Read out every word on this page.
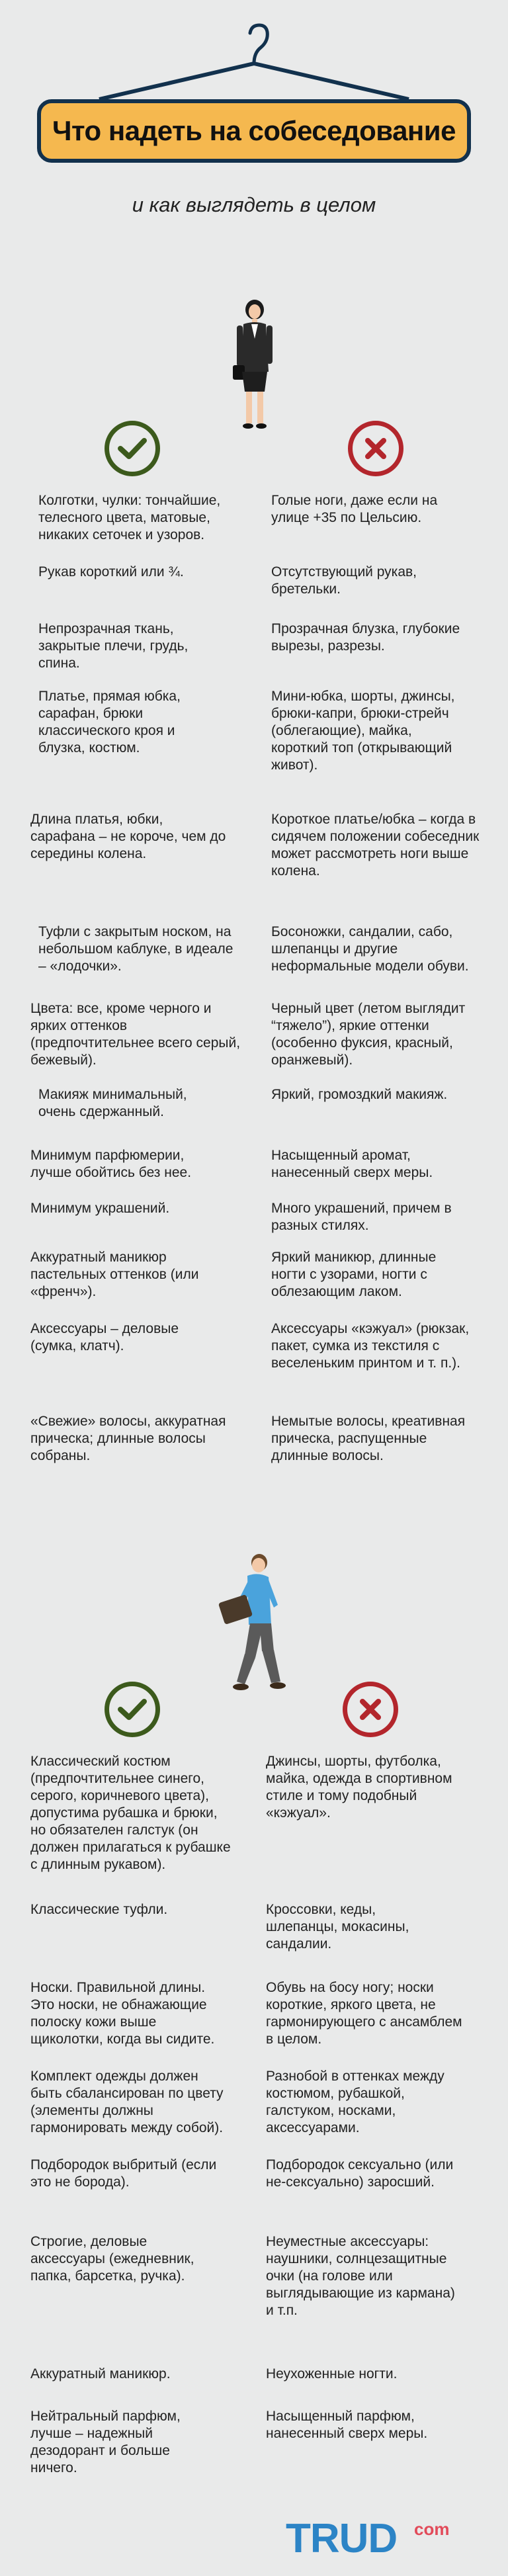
Что надеть на собеседование
и как выглядеть в целом
Колготки, чулки: тончайшие, телесного цвета, матовые, никаких сеточек и узоров.
Рукав короткий или ¾.
Непрозрачная ткань, закрытые плечи, грудь, спина.
Платье, прямая юбка, сарафан, брюки классического кроя и блузка, костюм.
Длина платья, юбки, сарафана – не короче, чем до середины колена.
Туфли с закрытым носком, на небольшом каблуке, в идеале – «лодочки».
Цвета: все, кроме черного и ярких оттенков (предпочтительнее всего серый, бежевый).
Макияж минимальный, очень сдержанный.
Минимум парфюмерии, лучше обойтись без нее.
Минимум украшений.
Аккуратный маникюр пастельных оттенков (или «френч»).
Аксессуары – деловые (сумка, клатч).
«Свежие» волосы, аккуратная прическа; длинные волосы собраны.
Голые ноги, даже если на улице +35 по Цельсию.
Отсутствующий рукав, бретельки.
Прозрачная блузка, глубокие вырезы, разрезы.
Мини-юбка, шорты, джинсы, брюки-капри, брюки-стрейч (облегающие), майка, короткий топ (открывающий живот).
Короткое платье/юбка – когда в сидячем положении собеседник может рассмотреть ноги выше колена.
Босоножки, сандалии, сабо, шлепанцы и другие неформальные модели обуви.
Черный цвет (летом выглядит “тяжело”), яркие оттенки (особенно фуксия, красный, оранжевый).
Яркий, громоздкий макияж.
Насыщенный аромат, нанесенный сверх меры.
Много украшений, причем в разных стилях.
Яркий маникюр, длинные ногти с узорами, ногти с облезающим лаком.
Аксессуары «кэжуал» (рюкзак, пакет, сумка из текстиля с веселеньким принтом и т. п.).
Немытые волосы, креативная прическа, распущенные длинные волосы.
Классический костюм (предпочтительнее синего, серого, коричневого цвета), допустима рубашка и брюки, но обязателен галстук (он должен прилагаться к рубашке с длинным рукавом).
Классические туфли.
Носки. Правильной длины. Это носки, не обнажающие полоску кожи выше щиколотки, когда вы сидите.
Комплект одежды должен быть сбалансирован по цвету (элементы должны гармонировать между собой).
Подбородок выбритый (если это не борода).
Строгие, деловые аксессуары (ежедневник, папка, барсетка, ручка).
Аккуратный маникюр.
Нейтральный парфюм, лучше – надежный дезодорант и больше ничего.
Джинсы, шорты, футболка, майка, одежда в спортивном стиле и тому подобный «кэжуал».
Кроссовки, кеды, шлепанцы, мокасины, сандалии.
Обувь на босу ногу; носки короткие, яркого цвета, не гармонирующего с ансамблем в целом.
Разнобой в оттенках между костюмом, рубашкой, галстуком, носками, аксессуарами.
Подбородок сексуально (или не-сексуально) заросший.
Неуместные аксессуары: наушники, солнцезащитные очки (на голове или выглядывающие из кармана) и т.п.
Неухоженные ногти.
Насыщенный парфюм, нанесенный сверх меры.
TRUD com
